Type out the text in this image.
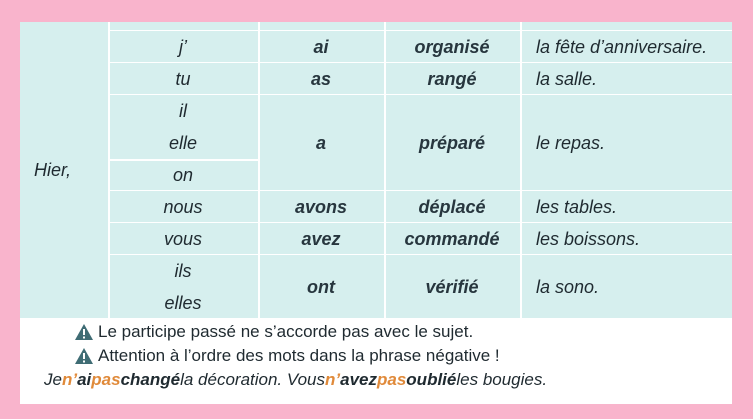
Hier,
j’	ai	organisé	la fête d’anniversaire.
tu	as	rangé	la salle.
il
elle
on
a	préparé	le repas.
nous	avons	déplacé	les tables.
vous	avez	commandé	les boissons.
ils
elles
ont	vérifié	la sono.
Le participe passé ne s’accorde pas avec le sujet.
Attention à l’ordre des mots dans la phrase négative !
Je n’ ai pas changé la décoration. Vous n’ avez pas oublié les bougies.
